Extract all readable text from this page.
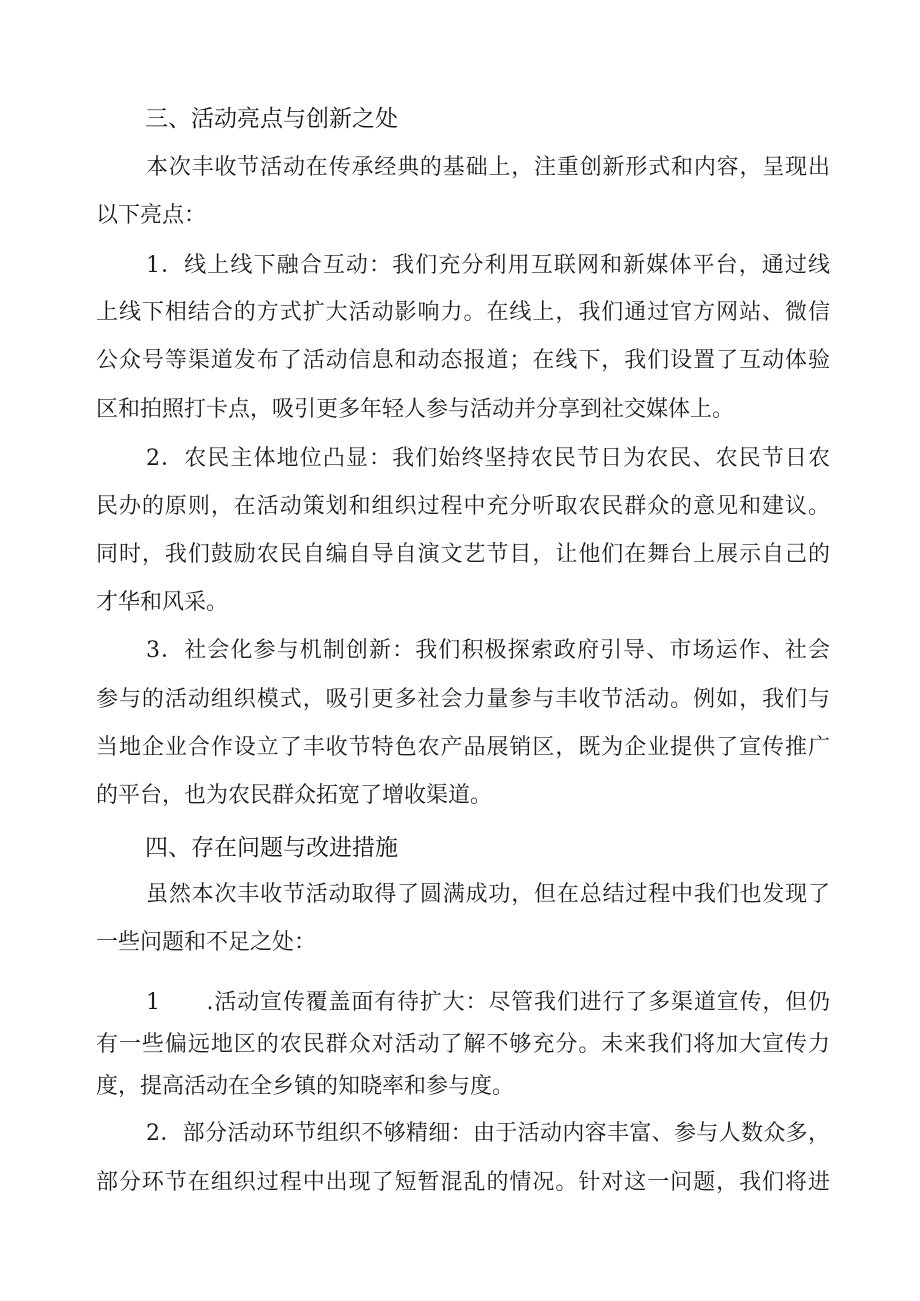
三、活动亮点与创新之处
本次丰收节活动在传承经典的基础上，注重创新形式和内容，呈现出
以下亮点：
1．线上线下融合互动：我们充分利用互联网和新媒体平台，通过线
上线下相结合的方式扩大活动影响力。在线上，我们通过官方网站、微信
公众号等渠道发布了活动信息和动态报道；在线下，我们设置了互动体验
区和拍照打卡点，吸引更多年轻人参与活动并分享到社交媒体上。
2．农民主体地位凸显：我们始终坚持农民节日为农民、农民节日农
民办的原则，在活动策划和组织过程中充分听取农民群众的意见和建议。
同时，我们鼓励农民自编自导自演文艺节目，让他们在舞台上展示自己的
才华和风采。
3．社会化参与机制创新：我们积极探索政府引导、市场运作、社会
参与的活动组织模式，吸引更多社会力量参与丰收节活动。例如，我们与
当地企业合作设立了丰收节特色农产品展销区，既为企业提供了宣传推广
的平台，也为农民群众拓宽了增收渠道。
四、存在问题与改进措施
虽然本次丰收节活动取得了圆满成功，但在总结过程中我们也发现了
一些问题和不足之处：
1　　.活动宣传覆盖面有待扩大：尽管我们进行了多渠道宣传，但仍
有一些偏远地区的农民群众对活动了解不够充分。未来我们将加大宣传力
度，提高活动在全乡镇的知晓率和参与度。
2．部分活动环节组织不够精细：由于活动内容丰富、参与人数众多，
部分环节在组织过程中出现了短暂混乱的情况。针对这一问题，我们将进
